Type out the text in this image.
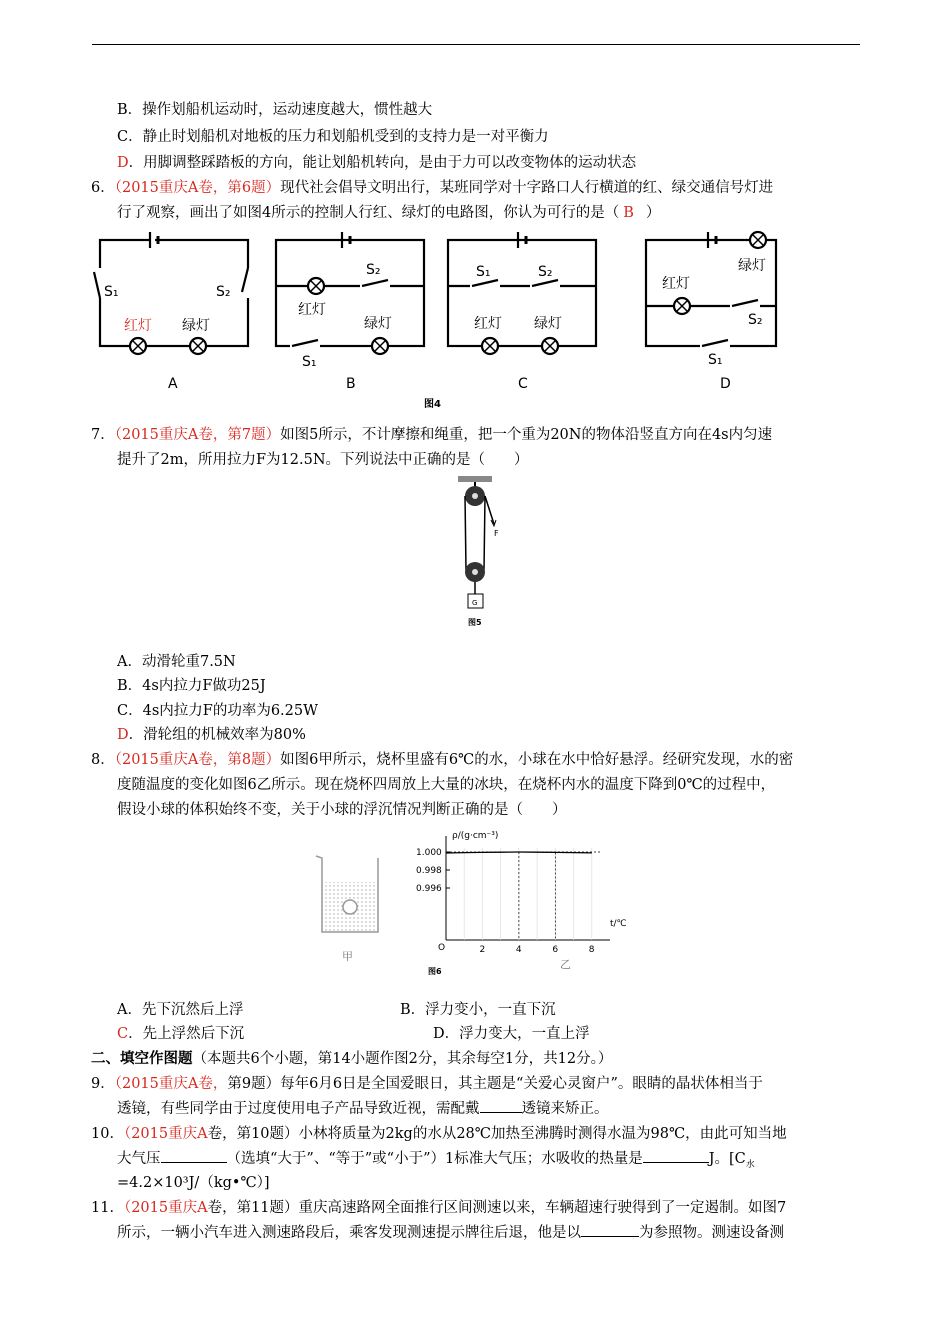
B．操作划船机运动时，运动速度越大，惯性越大
C．静止时划船机对地板的压力和划船机受到的支持力是一对平衡力
D．用脚调整踩踏板的方向，能让划船机转向，是由于力可以改变物体的运动状态
6．（2015重庆A卷，第6题）现代社会倡导文明出行，某班同学对十字路口人行横道的红、绿交通信号灯进
行了观察，画出了如图4所示的控制人行红、绿灯的电路图，你认为可行的是（ B ）
S₁	S₂
红灯 绿灯
A
S₂
红灯
绿灯
S₁
B
S₁	S₂
红灯 绿灯
C
绿灯
红灯
S₂
S₁
D
图4
7．（2015重庆A卷，第7题）如图5所示，不计摩擦和绳重，把一个重为20N的物体沿竖直方向在4s内匀速
提升了2m，所用拉力F为12.5N。下列说法中正确的是（　　）
F
G
图5
A．动滑轮重7.5N
B．4s内拉力F做功25J
C．4s内拉力F的功率为6.25W
D．滑轮组的机械效率为80%
8．（2015重庆A卷，第8题）如图6甲所示，烧杯里盛有6℃的水，小球在水中恰好悬浮。经研究发现，水的密
度随温度的变化如图6乙所示。现在烧杯四周放上大量的冰块，在烧杯内水的温度下降到0℃的过程中，
假设小球的体积始终不变，关于小球的浮沉情况判断正确的是（　　）
甲
1.000
0.998
0.996
2	4	6	8
O
ρ/(g·cm⁻³)
t/℃
乙
图6
A．先下沉然后上浮	B．浮力变小，一直下沉
C．先上浮然后下沉	D．浮力变大，一直上浮
二、填空作图题（本题共6个小题，第14小题作图2分，其余每空1分，共12分。）
9．（2015重庆A卷，第9题）每年6月6日是全国爱眼日，其主题是“关爱心灵窗户”。眼睛的晶状体相当于
透镜，有些同学由于过度使用电子产品导致近视，需配戴	透镜来矫正。
10．（2015重庆A卷，第10题）小林将质量为2kg的水从28℃加热至沸腾时测得水温为98℃，由此可知当地
大气压	（选填“大于”、“等于”或“小于”）1标准大气压；水吸收的热量是	J。[$C_水$
=4.2×10³J/（kg•℃）]
11．（2015重庆A卷，第11题）重庆高速路网全面推行区间测速以来，车辆超速行驶得到了一定遏制。如图7
所示，一辆小汽车进入测速路段后，乘客发现测速提示牌往后退，他是以	为参照物。测速设备测
